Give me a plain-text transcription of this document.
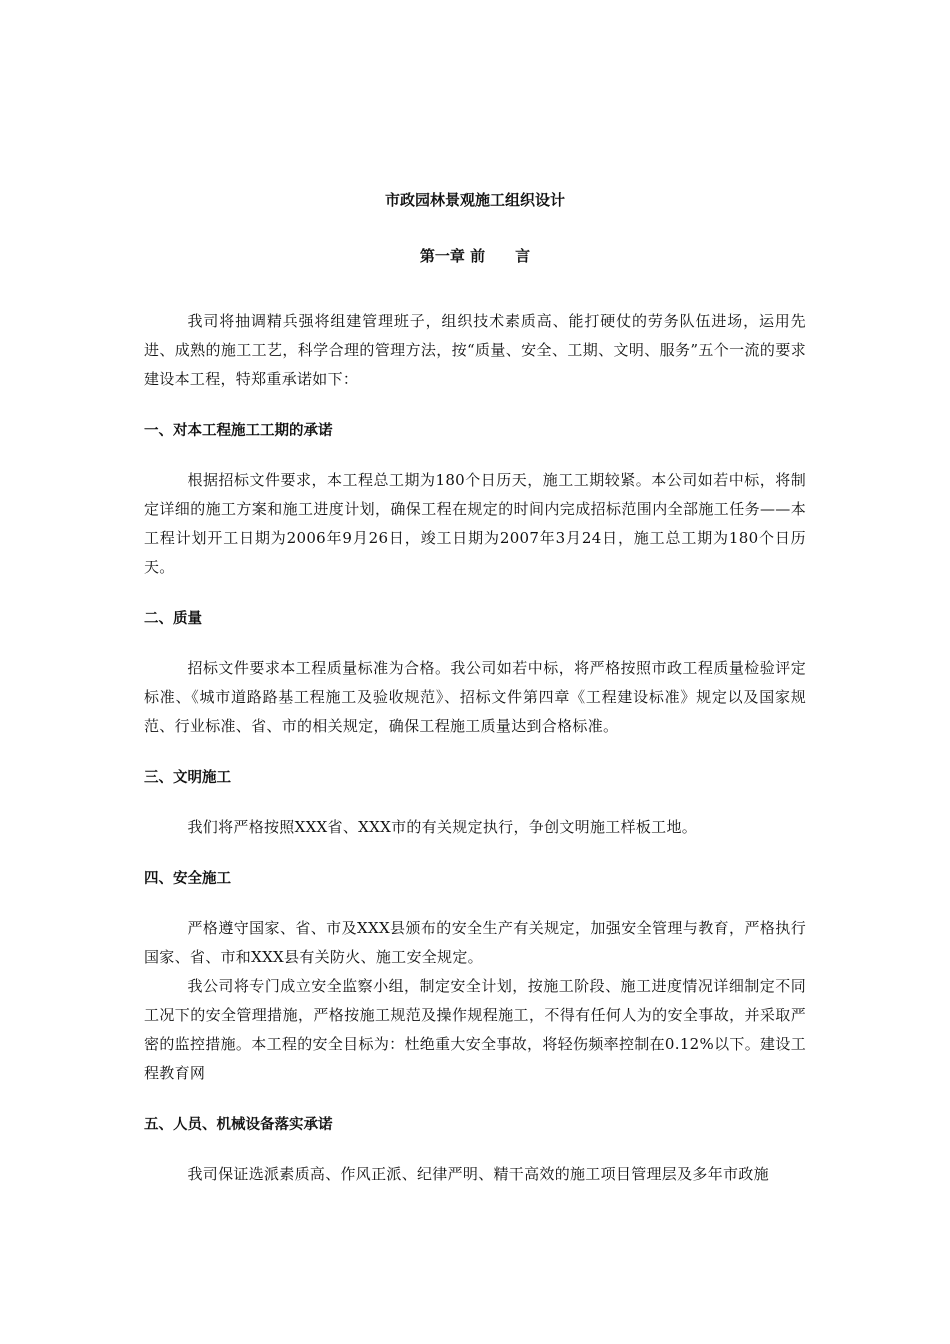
市政园林景观施工组织设计

第一章 前　　言

我司将抽调精兵强将组建管理班子，组织技术素质高、能打硬仗的劳务队伍进场，运用先进、成熟的施工工艺，科学合理的管理方法，按“质量、安全、工期、文明、服务”五个一流的要求建设本工程，特郑重承诺如下：

一、对本工程施工工期的承诺

根据招标文件要求，本工程总工期为180个日历天，施工工期较紧。本公司如若中标，将制定详细的施工方案和施工进度计划，确保工程在规定的时间内完成招标范围内全部施工任务——本工程计划开工日期为2006年9月26日，竣工日期为2007年3月24日，施工总工期为180个日历天。

二、质量

招标文件要求本工程质量标准为合格。我公司如若中标，将严格按照市政工程质量检验评定标准、《城市道路路基工程施工及验收规范》、招标文件第四章《工程建设标准》规定以及国家规范、行业标准、省、市的相关规定，确保工程施工质量达到合格标准。

三、文明施工

我们将严格按照XXX省、XXX市的有关规定执行，争创文明施工样板工地。

四、安全施工

严格遵守国家、省、市及XXX县颁布的安全生产有关规定，加强安全管理与教育，严格执行国家、省、市和XXX县有关防火、施工安全规定。

我公司将专门成立安全监察小组，制定安全计划，按施工阶段、施工进度情况详细制定不同工况下的安全管理措施，严格按施工规范及操作规程施工，不得有任何人为的安全事故，并采取严密的监控措施。本工程的安全目标为：杜绝重大安全事故，将轻伤频率控制在0.12%以下。建设工程教育网

五、人员、机械设备落实承诺

我司保证选派素质高、作风正派、纪律严明、精干高效的施工项目管理层及多年市政施
